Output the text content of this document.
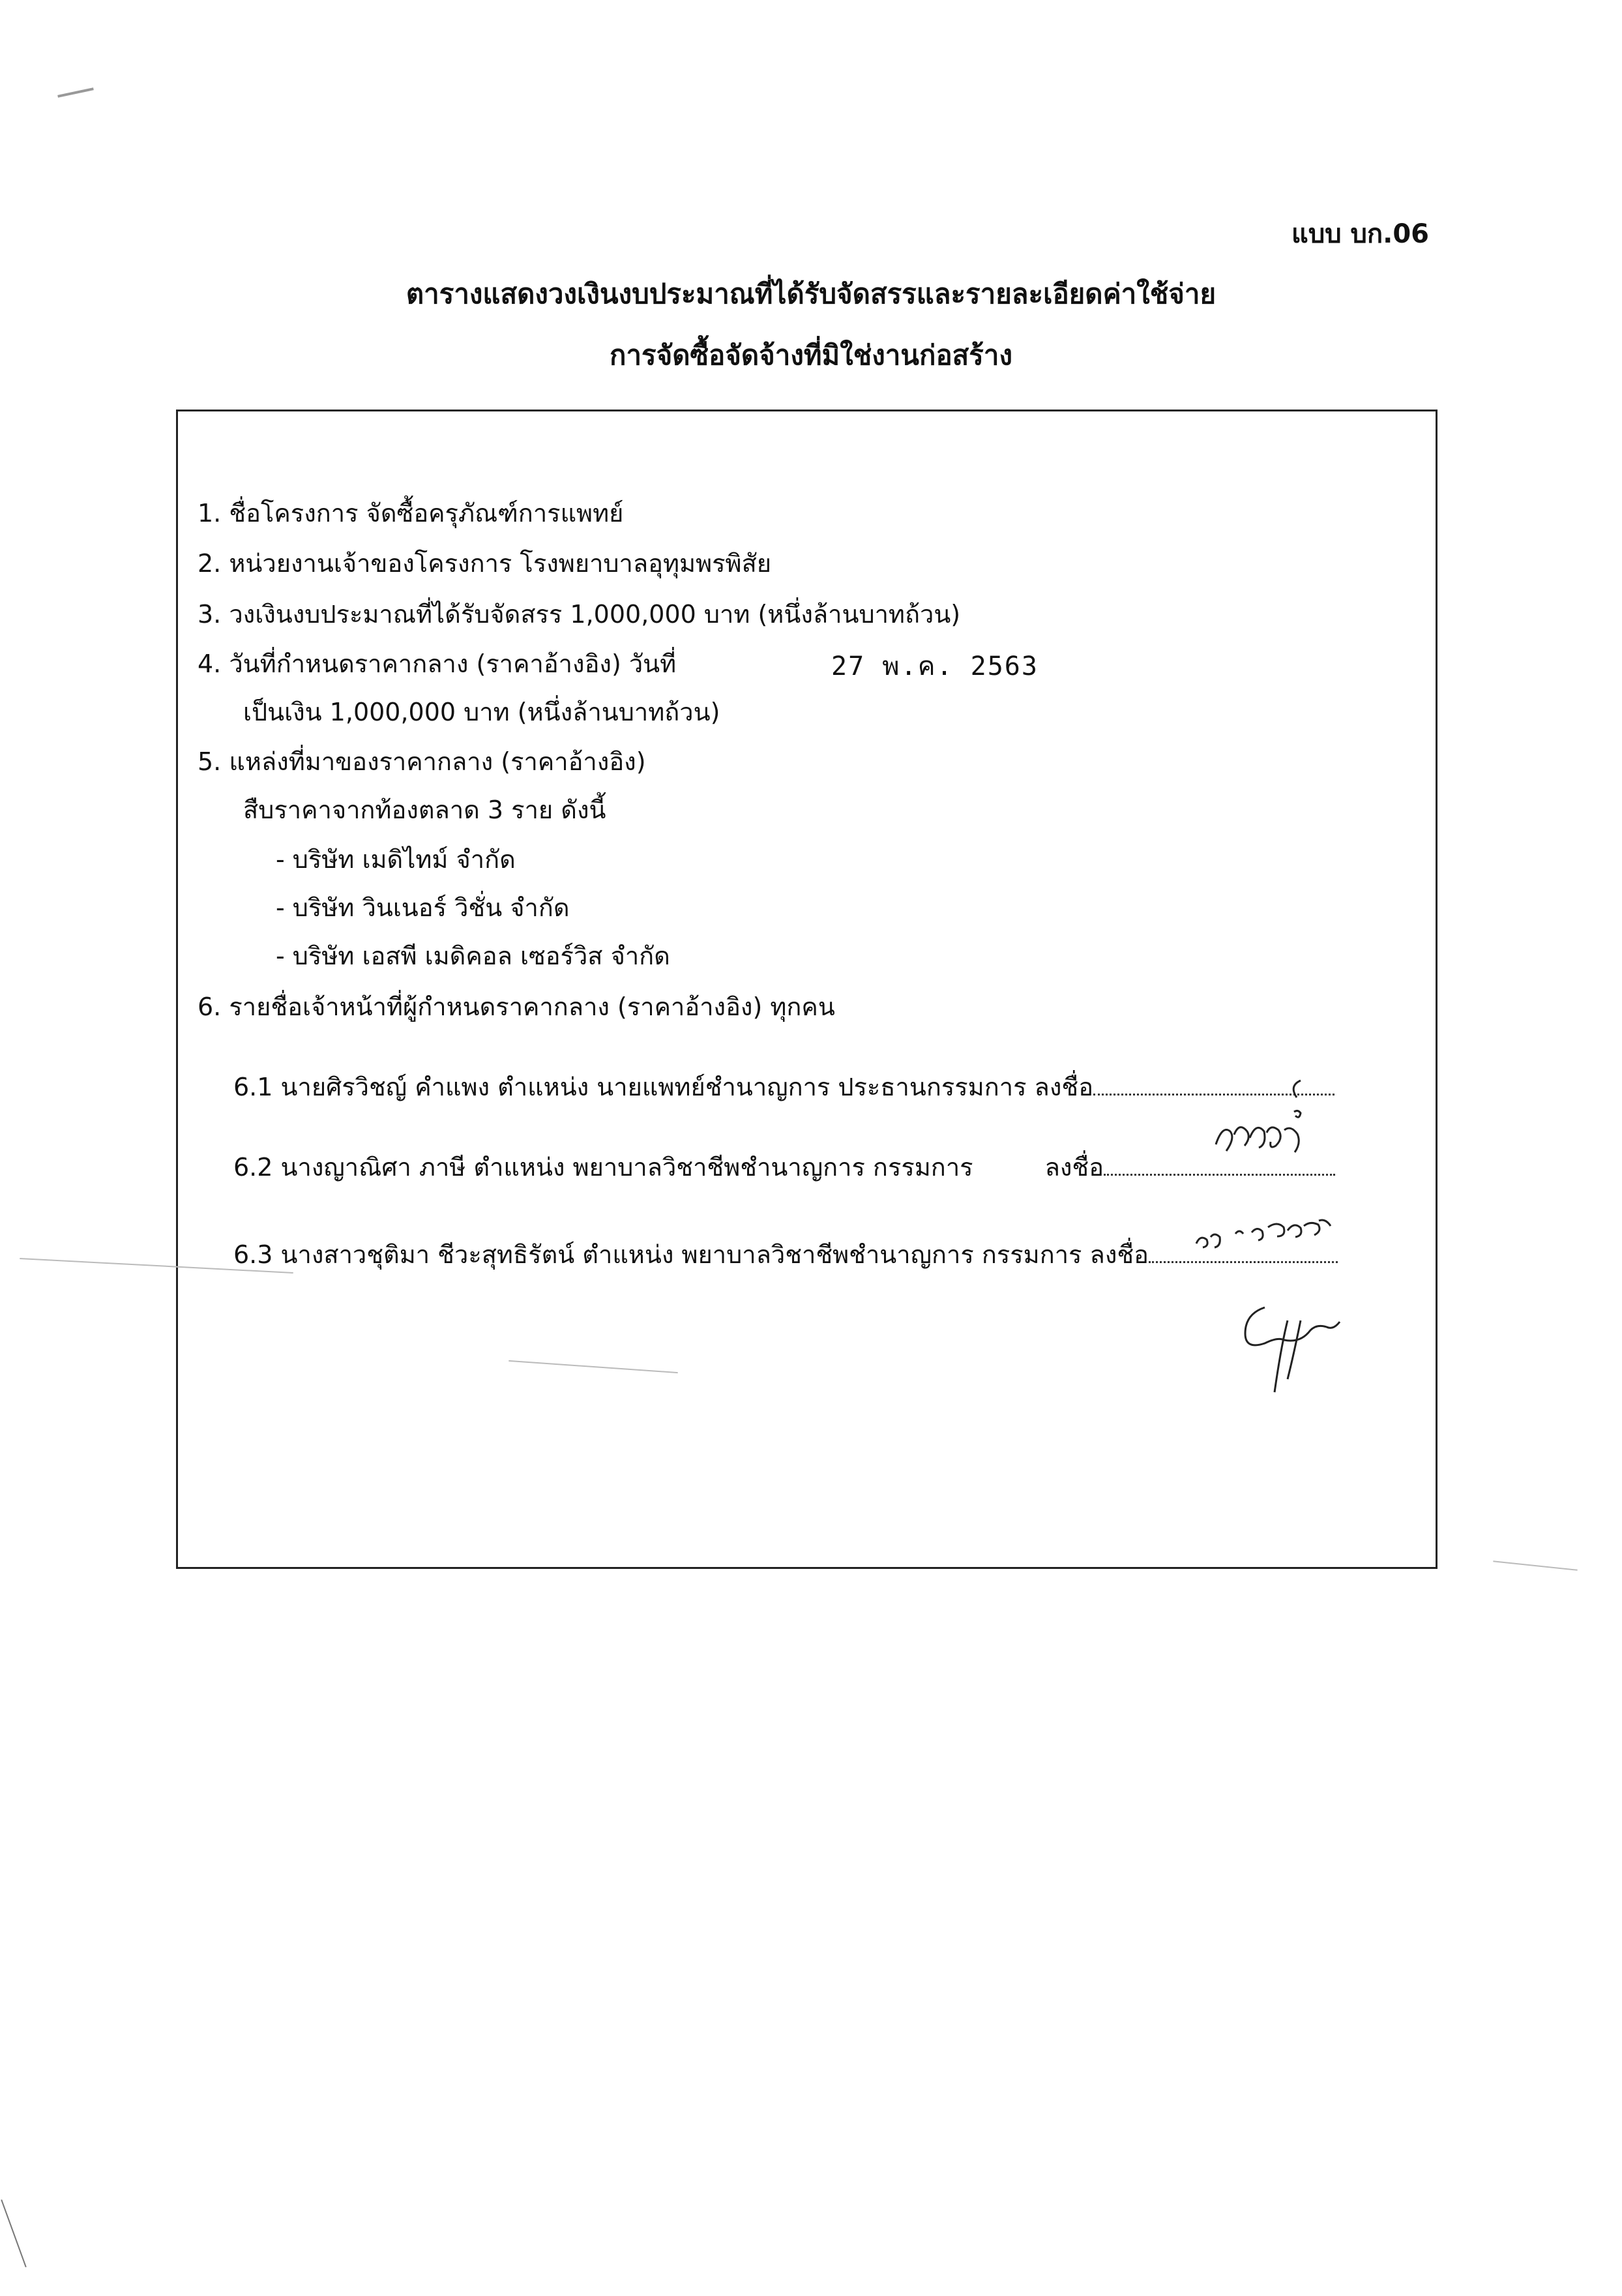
แบบ บก.06
ตารางแสดงวงเงินงบประมาณที่ได้รับจัดสรรและรายละเอียดค่าใช้จ่าย
การจัดซื้อจัดจ้างที่มิใช่งานก่อสร้าง
1. ชื่อโครงการ จัดซื้อครุภัณฑ์การแพทย์
2. หน่วยงานเจ้าของโครงการ โรงพยาบาลอุทุมพรพิสัย
3. วงเงินงบประมาณที่ได้รับจัดสรร 1,000,000 บาท (หนึ่งล้านบาทถ้วน)
4. วันที่กำหนดราคากลาง (ราคาอ้างอิง) วันที่	27 พ.ค. 2563
เป็นเงิน 1,000,000 บาท (หนึ่งล้านบาทถ้วน)
5. แหล่งที่มาของราคากลาง (ราคาอ้างอิง)
สืบราคาจากท้องตลาด 3 ราย ดังนี้
- บริษัท เมดิไทม์ จำกัด
- บริษัท วินเนอร์ วิชั่น จำกัด
- บริษัท เอสพี เมดิคอล เซอร์วิส จำกัด
6. รายชื่อเจ้าหน้าที่ผู้กำหนดราคากลาง (ราคาอ้างอิง) ทุกคน
6.1 นายศิรวิชญ์ คำแพง ตำแหน่ง นายแพทย์ชำนาญการ ประธานกรรมการ ลงชื่อ
6.2 นางญาณิศา ภาษี ตำแหน่ง พยาบาลวิชาชีพชำนาญการ กรรมการ	ลงชื่อ
6.3 นางสาวชุติมา ชีวะสุทธิรัตน์ ตำแหน่ง พยาบาลวิชาชีพชำนาญการ กรรมการ ลงชื่อ
